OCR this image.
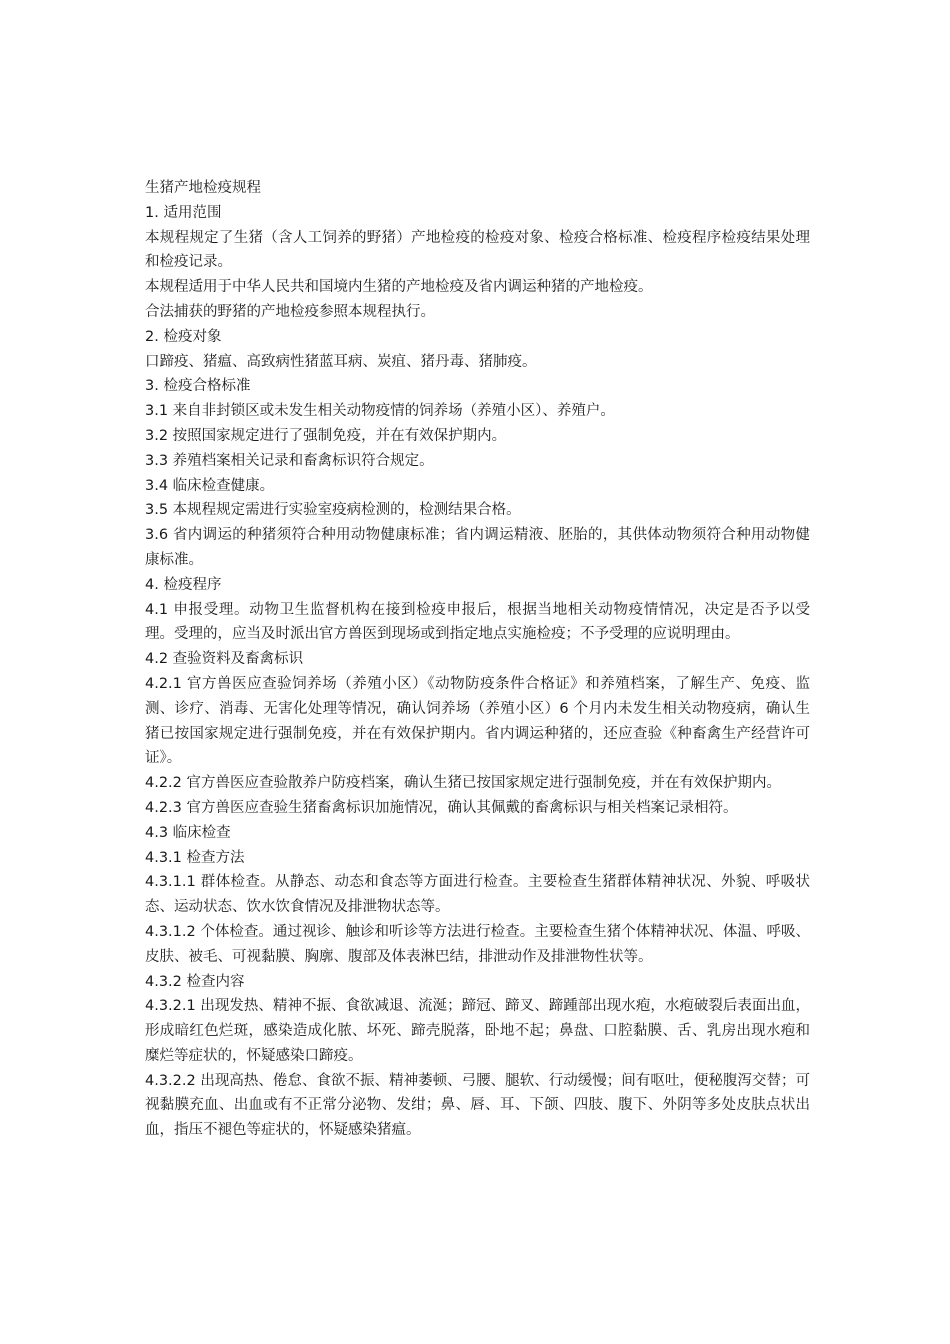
生猪产地检疫规程

1. 适用范围

本规程规定了生猪（含人工饲养的野猪）产地检疫的检疫对象、检疫合格标准、检疫程序检疫结果处理和检疫记录。

本规程适用于中华人民共和国境内生猪的产地检疫及省内调运种猪的产地检疫。

合法捕获的野猪的产地检疫参照本规程执行。

2. 检疫对象

口蹄疫、猪瘟、高致病性猪蓝耳病、炭疽、猪丹毒、猪肺疫。

3. 检疫合格标准

3.1 来自非封锁区或未发生相关动物疫情的饲养场（养殖小区）、养殖户。

3.2 按照国家规定进行了强制免疫，并在有效保护期内。

3.3 养殖档案相关记录和畜禽标识符合规定。

3.4 临床检查健康。

3.5 本规程规定需进行实验室疫病检测的，检测结果合格。

3.6 省内调运的种猪须符合种用动物健康标准；省内调运精液、胚胎的，其供体动物须符合种用动物健康标准。

4. 检疫程序

4.1 申报受理。动物卫生监督机构在接到检疫申报后，根据当地相关动物疫情情况，决定是否予以受理。受理的，应当及时派出官方兽医到现场或到指定地点实施检疫；不予受理的应说明理由。

4.2 查验资料及畜禽标识

4.2.1 官方兽医应查验饲养场（养殖小区）《动物防疫条件合格证》和养殖档案，了解生产、免疫、监测、诊疗、消毒、无害化处理等情况，确认饲养场（养殖小区）6 个月内未发生相关动物疫病，确认生猪已按国家规定进行强制免疫，并在有效保护期内。省内调运种猪的，还应查验《种畜禽生产经营许可证》。

4.2.2 官方兽医应查验散养户防疫档案，确认生猪已按国家规定进行强制免疫，并在有效保护期内。

4.2.3 官方兽医应查验生猪畜禽标识加施情况，确认其佩戴的畜禽标识与相关档案记录相符。

4.3 临床检查

4.3.1 检查方法

4.3.1.1 群体检查。从静态、动态和食态等方面进行检查。主要检查生猪群体精神状况、外貌、呼吸状态、运动状态、饮水饮食情况及排泄物状态等。

4.3.1.2 个体检查。通过视诊、触诊和听诊等方法进行检查。主要检查生猪个体精神状况、体温、呼吸、皮肤、被毛、可视黏膜、胸廓、腹部及体表淋巴结，排泄动作及排泄物性状等。

4.3.2 检查内容

4.3.2.1 出现发热、精神不振、食欲减退、流涎；蹄冠、蹄叉、蹄踵部出现水疱，水疱破裂后表面出血，形成暗红色烂斑，感染造成化脓、坏死、蹄壳脱落，卧地不起；鼻盘、口腔黏膜、舌、乳房出现水疱和糜烂等症状的，怀疑感染口蹄疫。

4.3.2.2 出现高热、倦怠、食欲不振、精神萎顿、弓腰、腿软、行动缓慢；间有呕吐，便秘腹泻交替；可视黏膜充血、出血或有不正常分泌物、发绀；鼻、唇、耳、下颌、四肢、腹下、外阴等多处皮肤点状出血，指压不褪色等症状的，怀疑感染猪瘟。
